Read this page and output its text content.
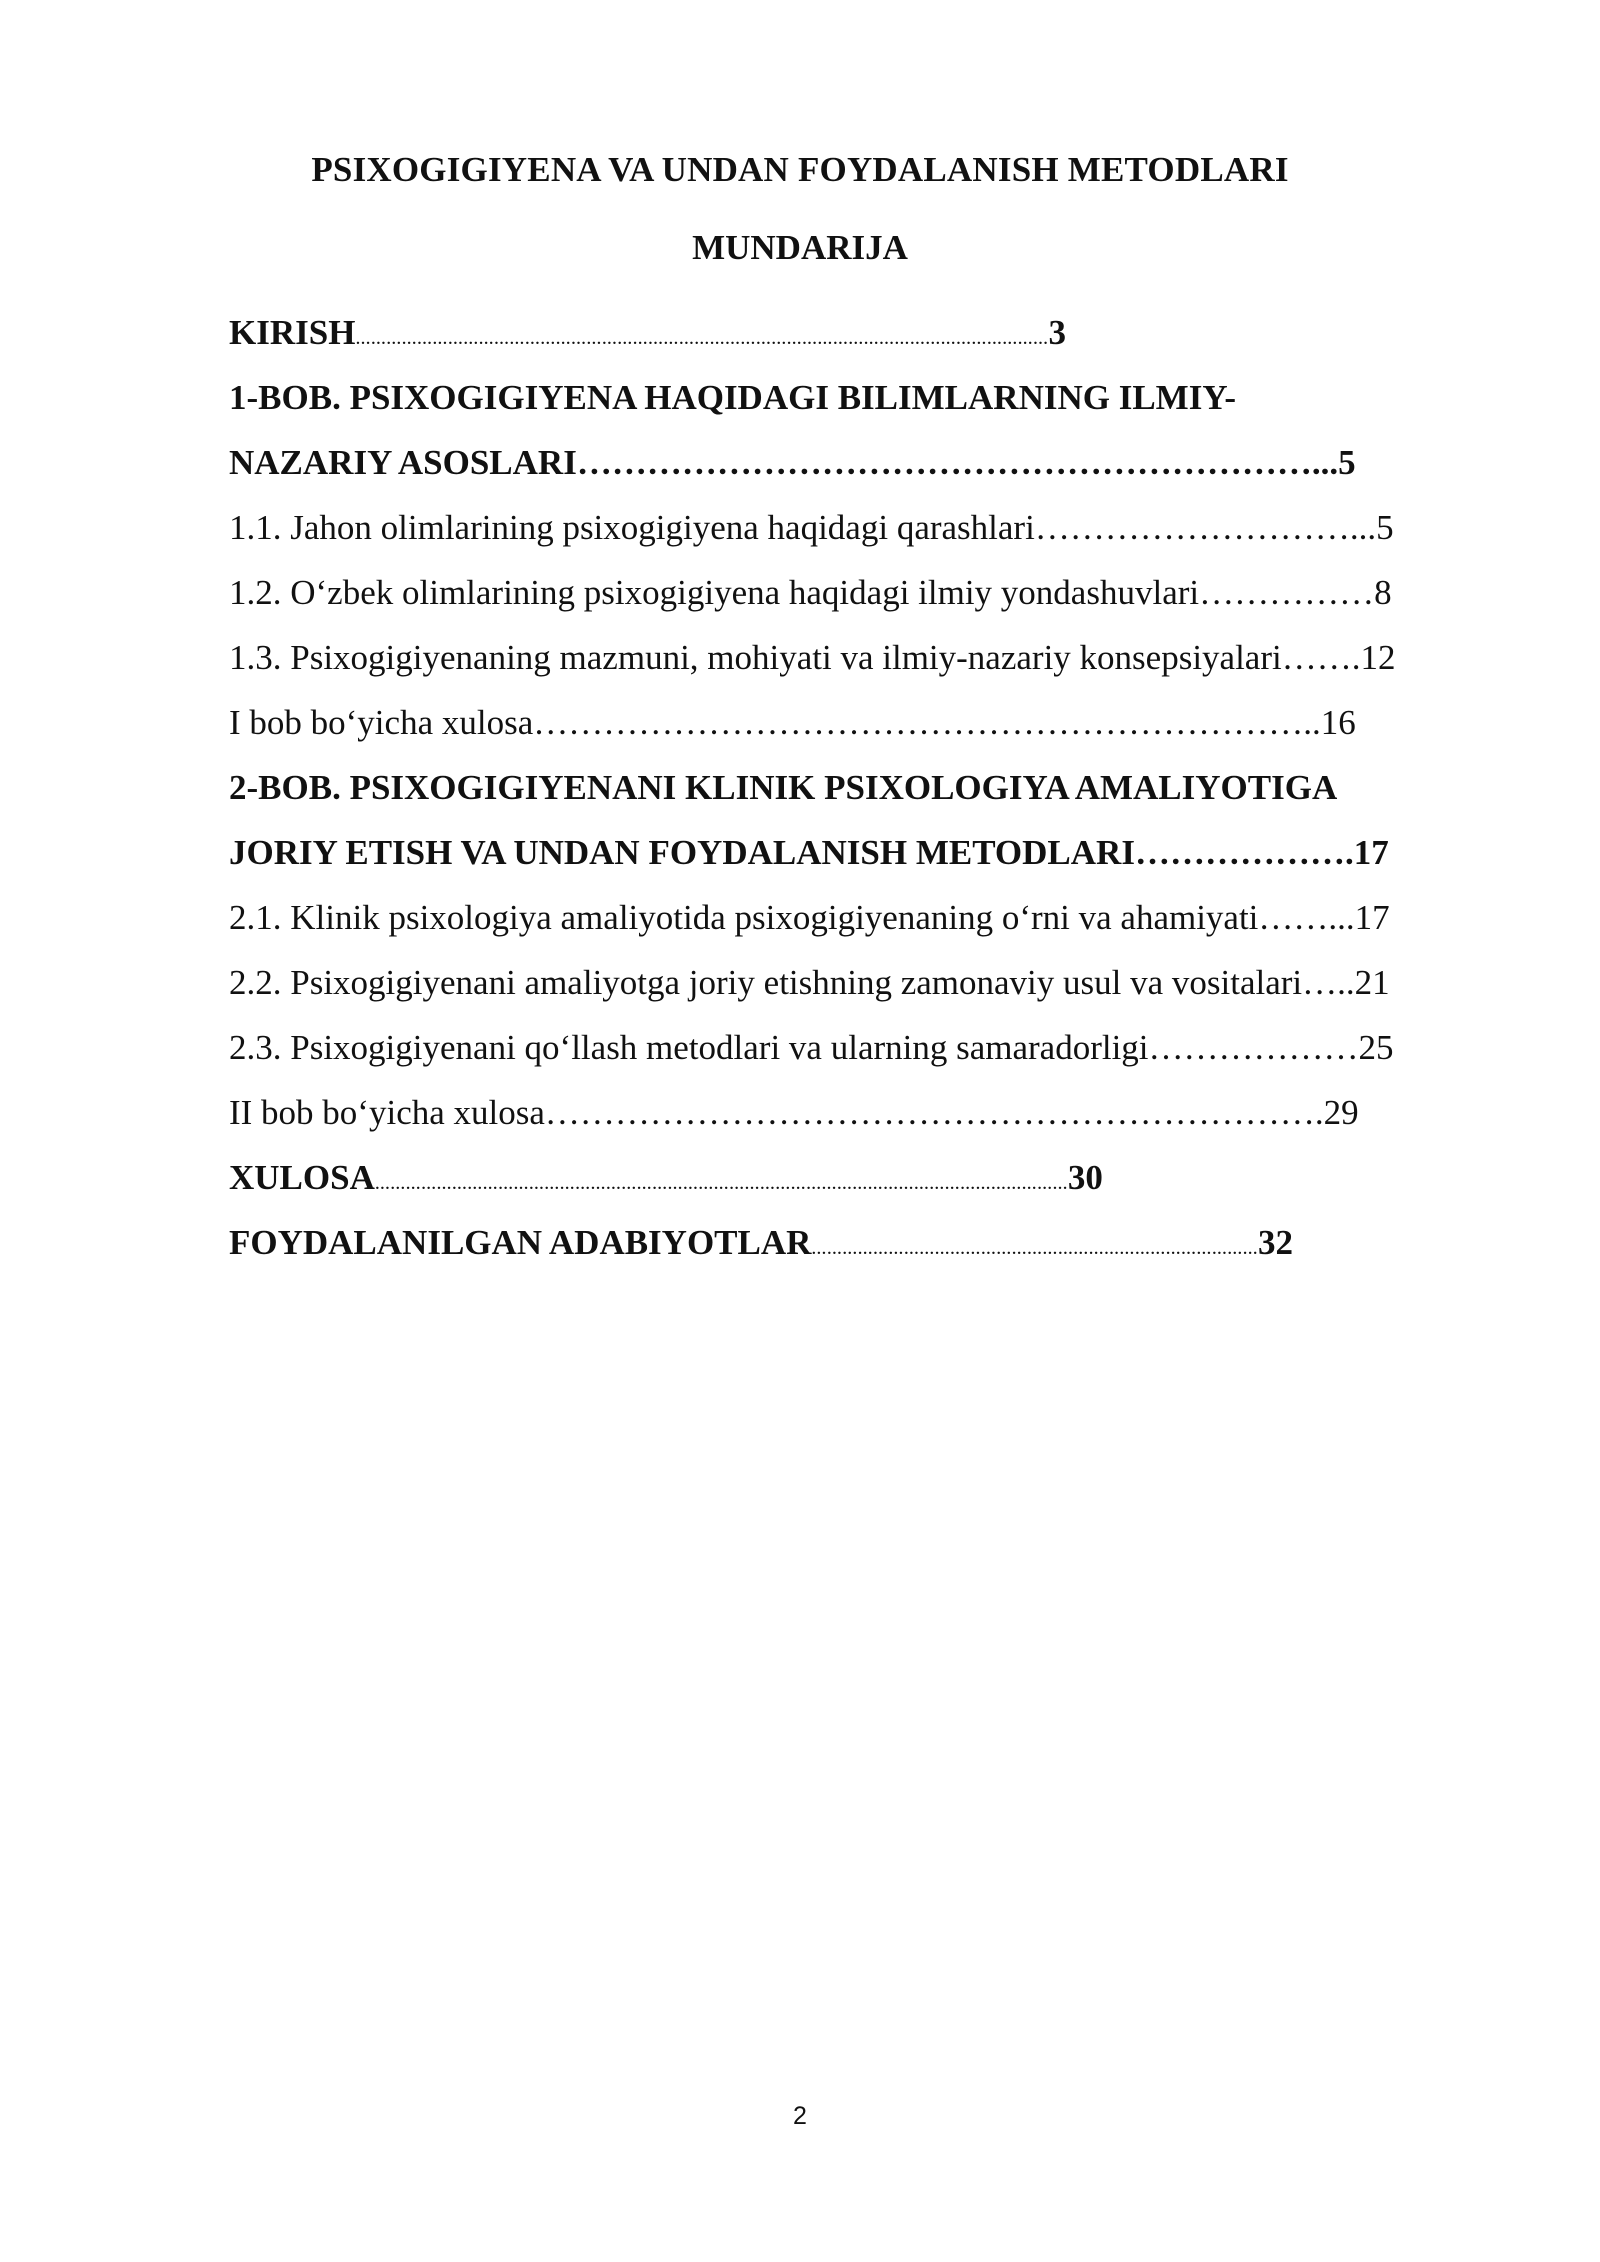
PSIXOGIGIYENA VA UNDAN FOYDALANISH METODLARI
MUNDARIJA
KIRISH………………………………………………………………………………………………………………………3
1-BOB. PSIXOGIGIYENA HAQIDAGI BILIMLARNING ILMIY-
NAZARIY ASOSLARI………………………………………………………...5
1.1. Jahon olimlarining psixogigiyena haqidagi qarashlari………………………...5
1.2. O‘zbek olimlarining psixogigiyena haqidagi ilmiy yondashuvlari……………8
1.3. Psixogigiyenaning mazmuni, mohiyati va ilmiy-nazariy konsepsiyalari…….12
I bob bo‘yicha xulosa…………………………………………………………..16
2-BOB. PSIXOGIGIYENANI KLINIK PSIXOLOGIYA AMALIYOTIGA
JORIY ETISH VA UNDAN FOYDALANISH METODLARI……………….17
2.1. Klinik psixologiya amaliyotida psixogigiyenaning o‘rni va ahamiyati……...17
2.2. Psixogigiyenani amaliyotga joriy etishning zamonaviy usul va vositalari…..21
2.3. Psixogigiyenani qo‘llash metodlari va ularning samaradorligi………………25
II bob bo‘yicha xulosa………………………………………………………….29
XULOSA………………………………………………………………………………………………………………………30
FOYDALANILGAN ADABIYOTLAR……………………………………………………………………………32
2
